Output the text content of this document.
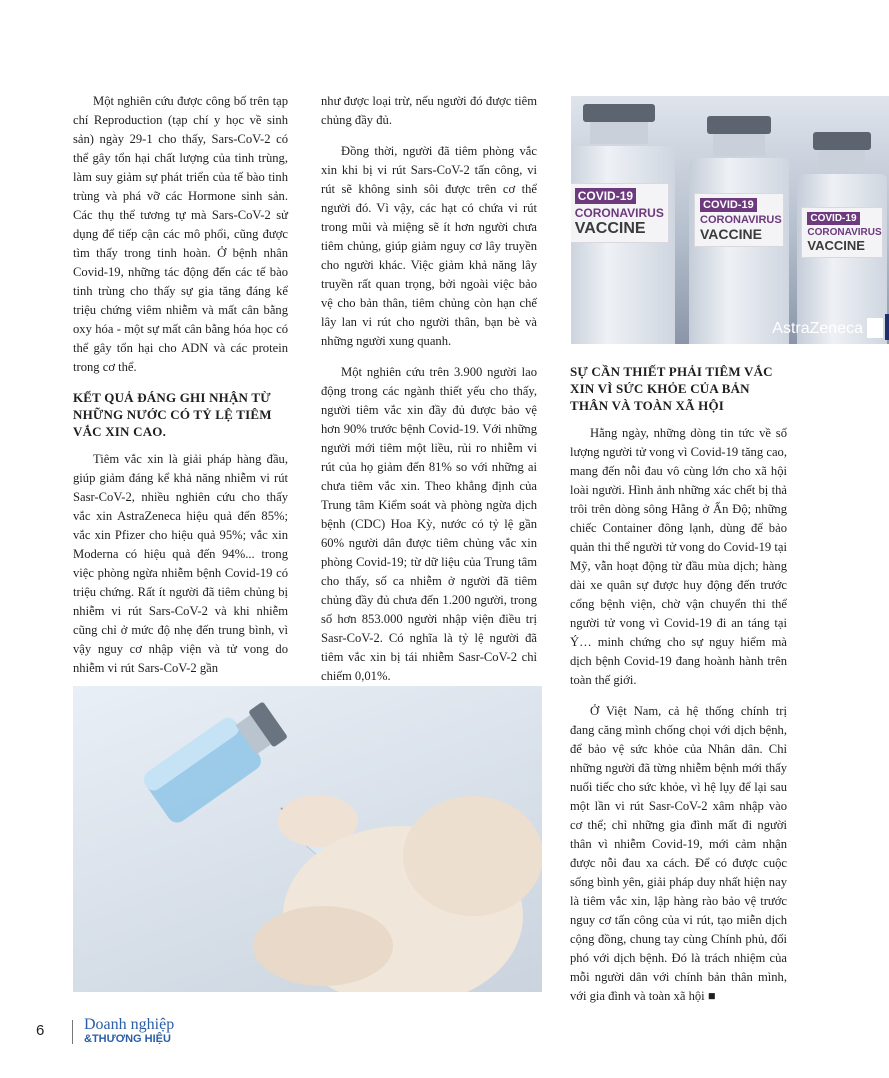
Một nghiên cứu được công bố trên tạp chí Reproduction (tạp chí y học về sinh sản) ngày 29-1 cho thấy, Sars-CoV-2 có thể gây tổn hại chất lượng của tinh trùng, làm suy giảm sự phát triển của tế bào tinh trùng và phá vỡ các Hormone sinh sản. Các thụ thể tương tự mà Sars-CoV-2 sử dụng để tiếp cận các mô phổi, cũng được tìm thấy trong tinh hoàn. Ở bệnh nhân Covid-19, những tác động đến các tế bào tinh trùng cho thấy sự gia tăng đáng kể triệu chứng viêm nhiễm và mất cân bằng oxy hóa - một sự mất cân bằng hóa học có thể gây tổn hại cho ADN và các protein trong cơ thể.

KẾT QUẢ ĐÁNG GHI NHẬN TỪ NHỮNG NƯỚC CÓ TỶ LỆ TIÊM VẮC XIN CAO.

Tiêm vắc xin là giải pháp hàng đầu, giúp giảm đáng kể khả năng nhiễm vi rút Sasr-CoV-2, nhiều nghiên cứu cho thấy vắc xin AstraZeneca hiệu quả đến 85%; vắc xin Pfizer cho hiệu quả 95%; vắc xin Moderna có hiệu quả đến 94%... trong việc phòng ngừa nhiễm bệnh Covid-19 có triệu chứng. Rất ít người đã tiêm chủng bị nhiễm vi rút Sars-CoV-2 và khi nhiễm cũng chỉ ở mức độ nhẹ đến trung bình, vì vậy nguy cơ nhập viện và tử vong do nhiễm vi rút Sars-CoV-2 gần

như được loại trừ, nếu người đó được tiêm chủng đầy đủ.

Đồng thời, người đã tiêm phòng vắc xin khi bị vi rút Sars-CoV-2 tấn công, vi rút sẽ không sinh sôi được trên cơ thể người đó. Vì vậy, các hạt có chứa vi rút trong mũi và miệng sẽ ít hơn người chưa tiêm chủng, giúp giảm nguy cơ lây truyền cho người khác. Việc giảm khả năng lây truyền rất quan trọng, bởi ngoài việc bảo vệ cho bản thân, tiêm chủng còn hạn chế lây lan vi rút cho người thân, bạn bè và những người xung quanh.

Một nghiên cứu trên 3.900 người lao động trong các ngành thiết yếu cho thấy, người tiêm vắc xin đầy đủ được bảo vệ hơn 90% trước bệnh Covid-19. Với những người mới tiêm một liều, rủi ro nhiễm vi rút của họ giảm đến 81% so với những ai chưa tiêm vắc xin. Theo khẳng định của Trung tâm Kiểm soát và phòng ngừa dịch bệnh (CDC) Hoa Kỳ, nước có tỷ lệ gần 60% người dân được tiêm chủng vắc xin phòng Covid-19; từ dữ liệu của Trung tâm cho thấy, số ca nhiễm ở người đã tiêm chủng đầy đủ chưa đến 1.200 người, trong số hơn 853.000 người nhập viện điều trị Sasr-CoV-2. Có nghĩa là tỷ lệ người đã tiêm vắc xin bị tái nhiễm Sasr-CoV-2 chỉ chiếm 0,01%.

COVID-19
CORONAVIRUS
VACCINE
COVID-19
CORONAVIRUS
VACCINE
COVID-19
CORONAVIRUS
VACCINE
AstraZeneca
SỰ CẦN THIẾT PHẢI TIÊM VẮC XIN VÌ SỨC KHỎE CỦA BẢN THÂN VÀ TOÀN XÃ HỘI

Hằng ngày, những dòng tin tức về số lượng người tử vong vì Covid-19 tăng cao, mang đến nỗi đau vô cùng lớn cho xã hội loài người. Hình ảnh những xác chết bị thả trôi trên dòng sông Hằng ở Ấn Độ; những chiếc Container đông lạnh, dùng để bảo quản thi thể người tử vong do Covid-19 tại Mỹ, vẫn hoạt động từ đầu mùa dịch; hàng dài xe quân sự được huy động đến trước cổng bệnh viện, chờ vận chuyển thi thể người tử vong vì Covid-19 đi an táng tại Ý… minh chứng cho sự nguy hiểm mà dịch bệnh Covid-19 đang hoành hành trên toàn thế giới.

Ở Việt Nam, cả hệ thống chính trị đang căng mình chống chọi với dịch bệnh, để bảo vệ sức khỏe của Nhân dân. Chỉ những người đã từng nhiễm bệnh mới thấy nuối tiếc cho sức khỏe, vì hệ lụy để lại sau một lần vi rút Sasr-CoV-2 xâm nhập vào cơ thể; chỉ những gia đình mất đi người thân vì nhiễm Covid-19, mới cảm nhận được nỗi đau xa cách. Để có được cuộc sống bình yên, giải pháp duy nhất hiện nay là tiêm vắc xin, lập hàng rào bảo vệ trước nguy cơ tấn công của vi rút, tạo miễn dịch cộng đồng, chung tay cùng Chính phủ, đối phó với dịch bệnh. Đó là trách nhiệm của mỗi người dân với chính bản thân mình, với gia đình và toàn xã hội ■

6 Doanh nghiệp
&THƯƠNG HIỆU
